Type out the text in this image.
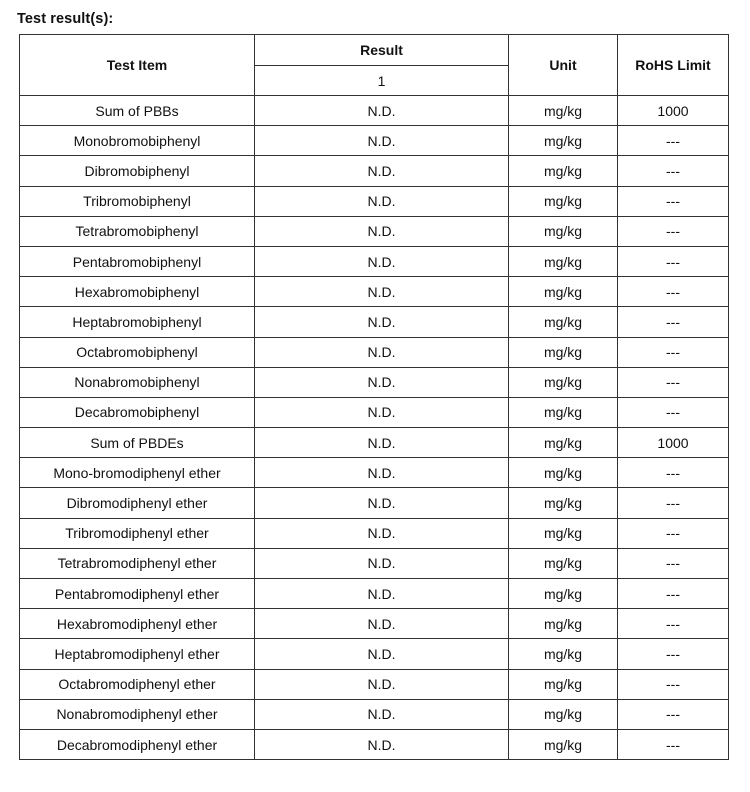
Test result(s):
Test Item	Result	Unit	RoHS Limit
	1		
Sum of PBBs	N.D.	mg/kg	1000
Monobromobiphenyl	N.D.	mg/kg	---
Dibromobiphenyl	N.D.	mg/kg	---
Tribromobiphenyl	N.D.	mg/kg	---
Tetrabromobiphenyl	N.D.	mg/kg	---
Pentabromobiphenyl	N.D.	mg/kg	---
Hexabromobiphenyl	N.D.	mg/kg	---
Heptabromobiphenyl	N.D.	mg/kg	---
Octabromobiphenyl	N.D.	mg/kg	---
Nonabromobiphenyl	N.D.	mg/kg	---
Decabromobiphenyl	N.D.	mg/kg	---
Sum of PBDEs	N.D.	mg/kg	1000
Mono-bromodiphenyl ether	N.D.	mg/kg	---
Dibromodiphenyl ether	N.D.	mg/kg	---
Tribromodiphenyl ether	N.D.	mg/kg	---
Tetrabromodiphenyl ether	N.D.	mg/kg	---
Pentabromodiphenyl ether	N.D.	mg/kg	---
Hexabromodiphenyl ether	N.D.	mg/kg	---
Heptabromodiphenyl ether	N.D.	mg/kg	---
Octabromodiphenyl ether	N.D.	mg/kg	---
Nonabromodiphenyl ether	N.D.	mg/kg	---
Decabromodiphenyl ether	N.D.	mg/kg	---
